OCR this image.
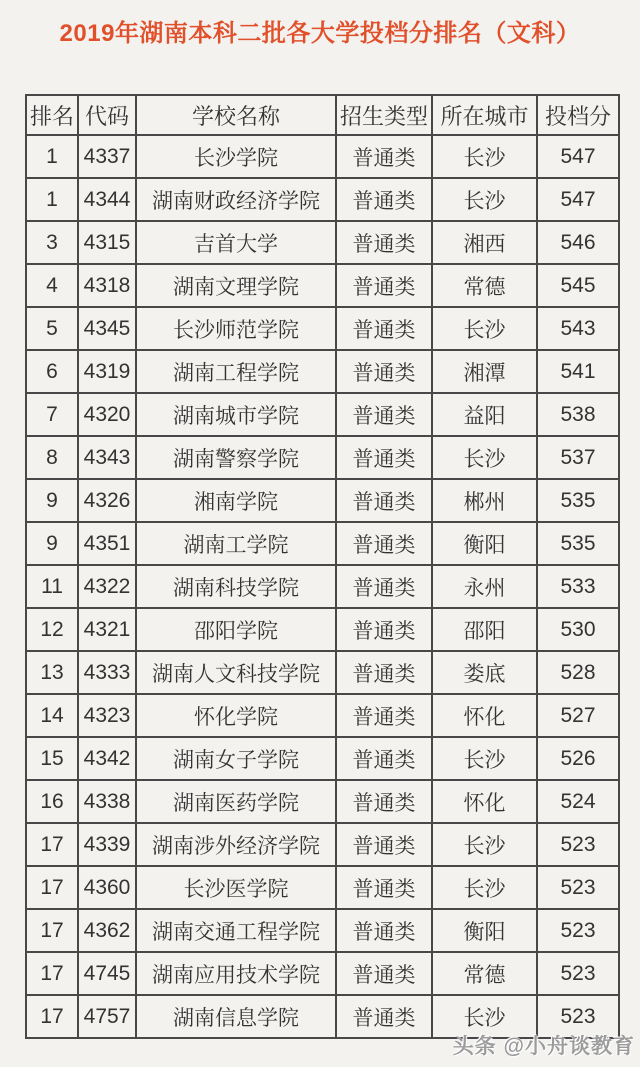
2019年湖南本科二批各大学投档分排名（文科）
排名	代码	学校名称	招生类型	所在城市	投档分
1	4337	长沙学院	普通类	长沙	547
1	4344	湖南财政经济学院	普通类	长沙	547
3	4315	吉首大学	普通类	湘西	546
4	4318	湖南文理学院	普通类	常德	545
5	4345	长沙师范学院	普通类	长沙	543
6	4319	湖南工程学院	普通类	湘潭	541
7	4320	湖南城市学院	普通类	益阳	538
8	4343	湖南警察学院	普通类	长沙	537
9	4326	湘南学院	普通类	郴州	535
9	4351	湖南工学院	普通类	衡阳	535
11	4322	湖南科技学院	普通类	永州	533
12	4321	邵阳学院	普通类	邵阳	530
13	4333	湖南人文科技学院	普通类	娄底	528
14	4323	怀化学院	普通类	怀化	527
15	4342	湖南女子学院	普通类	长沙	526
16	4338	湖南医药学院	普通类	怀化	524
17	4339	湖南涉外经济学院	普通类	长沙	523
17	4360	长沙医学院	普通类	长沙	523
17	4362	湖南交通工程学院	普通类	衡阳	523
17	4745	湖南应用技术学院	普通类	常德	523
17	4757	湖南信息学院	普通类	长沙	523
头条 @小舟谈教育
